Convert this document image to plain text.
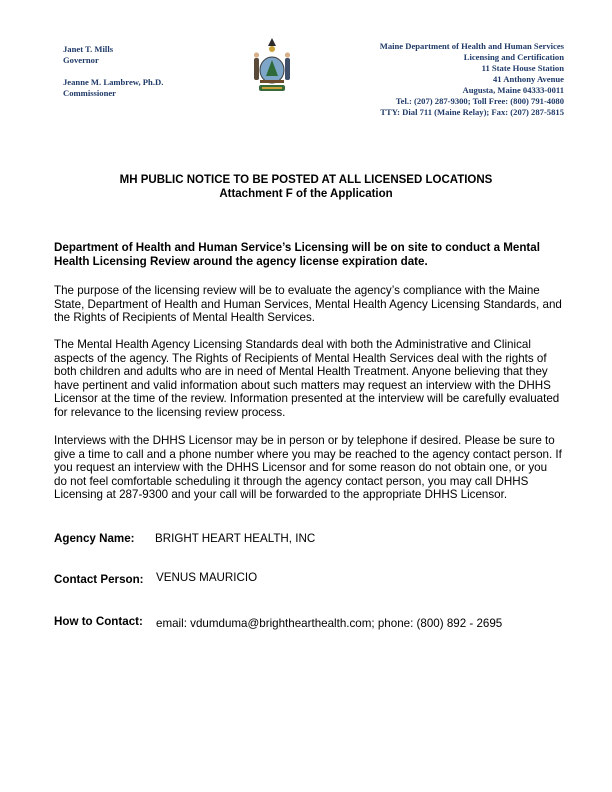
Janet T. Mills
Governor
Jeanne M. Lambrew, Ph.D.
Commissioner
Maine Department of Health and Human Services
Licensing and Certification
11 State House Station
41 Anthony Avenue
Augusta, Maine 04333-0011
Tel.: (207) 287-9300; Toll Free: (800) 791-4080
TTY: Dial 711 (Maine Relay); Fax: (207) 287-5815
MH PUBLIC NOTICE TO BE POSTED AT ALL LICENSED LOCATIONS
Attachment F of the Application
Department of Health and Human Service’s Licensing will be on site to conduct a Mental Health Licensing Review around the agency license expiration date.
The purpose of the licensing review will be to evaluate the agency’s compliance with the Maine State, Department of Health and Human Services, Mental Health Agency Licensing Standards, and the Rights of Recipients of Mental Health Services.
The Mental Health Agency Licensing Standards deal with both the Administrative and Clinical aspects of the agency. The Rights of Recipients of Mental Health Services deal with the rights of both children and adults who are in need of Mental Health Treatment. Anyone believing that they have pertinent and valid information about such matters may request an interview with the DHHS Licensor at the time of the review. Information presented at the interview will be carefully evaluated for relevance to the licensing review process.
Interviews with the DHHS Licensor may be in person or by telephone if desired. Please be sure to give a time to call and a phone number where you may be reached to the agency contact person. If you request an interview with the DHHS Licensor and for some reason do not obtain one, or you do not feel comfortable scheduling it through the agency contact person, you may call DHHS Licensing at 287-9300 and your call will be forwarded to the appropriate DHHS Licensor.
Agency Name: BRIGHT HEART HEALTH, INC
Contact Person: VENUS MAURICIO
How to Contact: email: vdumduma@brighthearthealth.com; phone: (800) 892 - 2695
